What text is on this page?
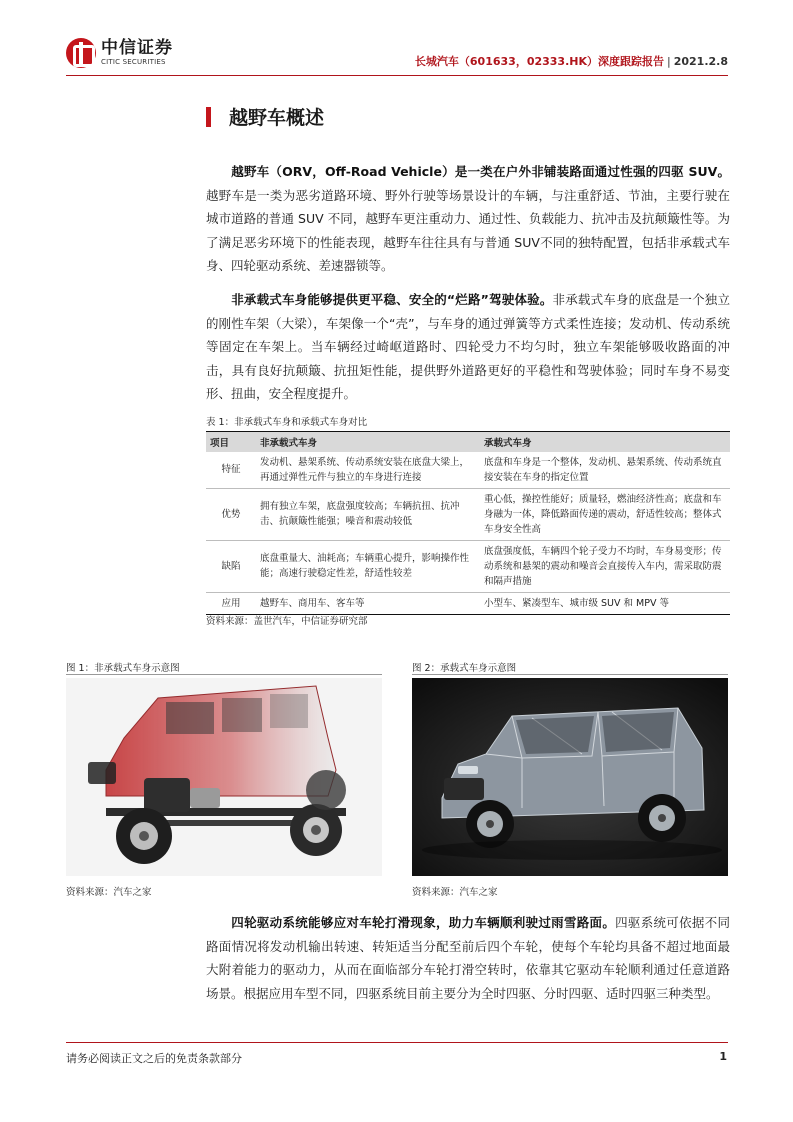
中信证券
CITIC SECURITIES	长城汽车（601633，02333.HK）深度跟踪报告 | 2021.2.8
越野车概述
  越野车（ORV，Off-Road Vehicle）是一类在户外非铺装路面通过性强的四驱 SUV。越野车是一类为恶劣道路环境、野外行驶等场景设计的车辆，与注重舒适、节油，主要行驶在城市道路的普通 SUV 不同，越野车更注重动力、通过性、负载能力、抗冲击及抗颠簸性等。为了满足恶劣环境下的性能表现，越野车往往具有与普通 SUV不同的独特配置，包括非承载式车身、四轮驱动系统、差速器锁等。
  非承载式车身能够提供更平稳、安全的“烂路”驾驶体验。非承载式车身的底盘是一个独立的刚性车架（大梁），车架像一个“壳”，与车身的通过弹簧等方式柔性连接；发动机、传动系统等固定在车架上。当车辆经过崎岖道路时、四轮受力不均匀时，独立车架能够吸收路面的冲击，具有良好抗颠簸、抗扭矩性能，提供野外道路更好的平稳性和驾驶体验；同时车身不易变形、扭曲，安全程度提升。
表 1：非承载式车身和承载式车身对比
项目	非承载式车身	承载式车身
特征	发动机、悬架系统、传动系统安装在底盘大梁上，再通过弹性元件与独立的车身进行连接	底盘和车身是一个整体，发动机、悬架系统、传动系统直接安装在车身的指定位置
优势	拥有独立车架，底盘强度较高；车辆抗扭、抗冲击、抗颠簸性能强；噪音和震动较低	重心低，操控性能好；质量轻，燃油经济性高；底盘和车身融为一体，降低路面传递的震动，舒适性较高；整体式车身安全性高
缺陷	底盘重量大、油耗高；车辆重心提升，影响操作性能；高速行驶稳定性差，舒适性较差	底盘强度低，车辆四个轮子受力不均时，车身易变形；传动系统和悬架的震动和噪音会直接传入车内，需采取防震和隔声措施
应用	越野车、商用车、客车等	小型车、紧凑型车、城市级 SUV 和 MPV 等
资料来源：盖世汽车，中信证券研究部
图 1：非承载式车身示意图	图 2：承载式车身示意图
资料来源：汽车之家	资料来源：汽车之家
  四轮驱动系统能够应对车轮打滑现象，助力车辆顺利驶过雨雪路面。四驱系统可依据不同路面情况将发动机输出转速、转矩适当分配至前后四个车轮，使每个车轮均具备不超过地面最大附着能力的驱动力，从而在面临部分车轮打滑空转时，依靠其它驱动车轮顺利通过任意道路场景。根据应用车型不同，四驱系统目前主要分为全时四驱、分时四驱、适时四驱三种类型。
请务必阅读正文之后的免责条款部分	1
